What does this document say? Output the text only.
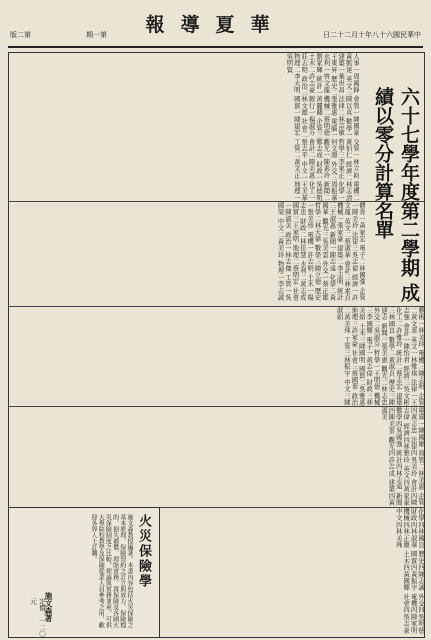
版二第	期一第	報導夏華	日二十二月十年八十六國民華中
人事一周國鋒會管一陳國豪交管一林立鈞電機二黃凱達英文三陳以真數學一黃伯仁經濟二林志清建築一葉世昌法律二林宗敏哲學三李家正化學一王東昇歷史二張雅惠電腦一何文淵外交三周振華水利一曾文龍機械二蔡明德觀光一陳素玲新聞二劉家輝統計一黃麗卿企管三鄭志成財政一吳德明土木二許志豪銀行一楊淑芬會計二陳美惠化工一莊志明政治三林文雄社會二張志平中文一王美華物理二李大明國貿一陳建宏工管二黃文正地理一吳明賢
六十七學年度第二學期 成績以零分計算名單
體育一黃家宏電子二林國強企管一陳美玲法律三吳志偉經濟一許文龍英文二蔡淑華會計三林素貞機械一張家豪建築二李志明統計三王淑惠新聞一陳志遠化學二黃國華觀光三吳美雲外交一蔡正雄哲學二林大偉數學三陳立德歷史一張美珍電機一許志明土木一楊志忠財政二林佳慧水利二黃志成國貿三王家明地理二蔡明宏社會一陳淑美政治一林志傑工管一吳國榮中文二黃美玲物理一李志誠
藝術一林美玲電機三陳志明企管二黃文華英文一林雅琪法律一王志強會計一陳怡君經濟三吳文彬化工二許雅玲統計二蔡志宏建築三林國良數學二黃淑貞歷史三陳建志新聞三張美惠觀光二林志忠外交二吳淑芬哲學一王明德機械三李國輝電子一黃志偉財政三林美娟土木三陳國明國貿二吳雅惠地理三許家豪社會三蔡國華政治二黃美珠工管三林振宇中文三陳淑娟
電算一陳國雄資管二林美惠企管四黃志忠法律四吳美玲會計四陳志偉經濟四林雅玲英文四黃家豪數學四吳國強統計四林志遠新聞四陳美雲觀光四許志成建築四黃淑美
化學四林國良歷史四陳志誠外交四吳明德財政四林淑華國貿四黃振宇電機四陳家明機械四林正雄土木四黃國輝社會四吳志豪中文四林美珠
火災保險學
施文森教授編著。本書內容包括火災保險之基本原理、保險契約之訂立與效力、保險標的、損失補償、理賠實務、再保險及各國火災保險制度之比較，理論與實務並重，可供大專院校教學及保險從業人員參考之用，歡迎各界人士訂購。
施文森著
定價：一二〇元
